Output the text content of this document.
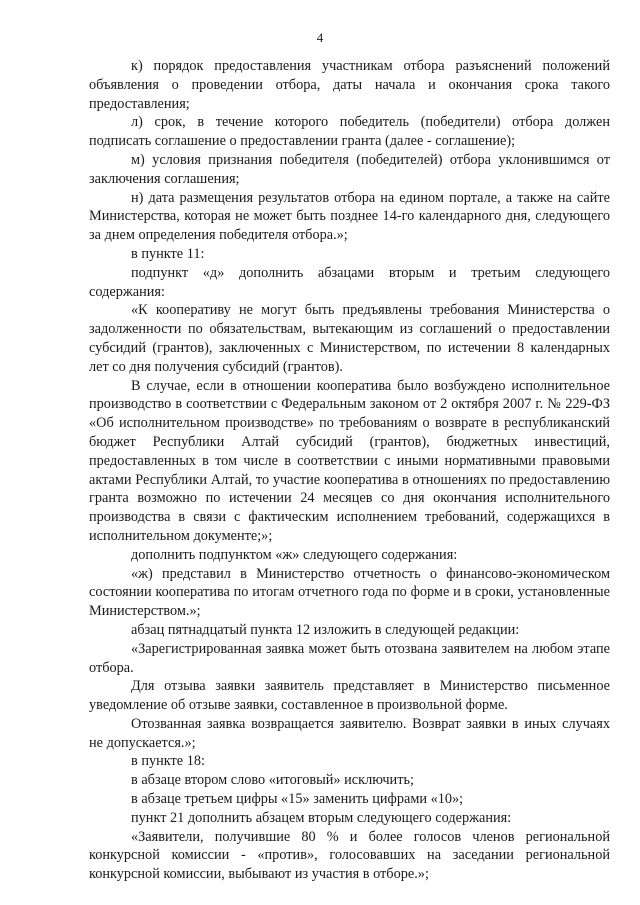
4

к) порядок предоставления участникам отбора разъяснений положений объявления о проведении отбора, даты начала и окончания срока такого предоставления;

л) срок, в течение которого победитель (победители) отбора должен подписать соглашение о предоставлении гранта (далее - соглашение);

м) условия признания победителя (победителей) отбора уклонившимся от заключения соглашения;

н) дата размещения результатов отбора на едином портале, а также на сайте Министерства, которая не может быть позднее 14-го календарного дня, следующего за днем определения победителя отбора.»;

в пункте 11:

подпункт «д» дополнить абзацами вторым и третьим следующего содержания:

«К кооперативу не могут быть предъявлены требования Министерства о задолженности по обязательствам, вытекающим из соглашений о предоставлении субсидий (грантов), заключенных с Министерством, по истечении 8 календарных лет со дня получения субсидий (грантов).

В случае, если в отношении кооператива было возбуждено исполнительное производство в соответствии с Федеральным законом от 2 октября 2007 г. № 229-ФЗ «Об исполнительном производстве» по требованиям о возврате в республиканский бюджет Республики Алтай субсидий (грантов), бюджетных инвестиций, предоставленных в том числе в соответствии с иными нормативными правовыми актами Республики Алтай, то участие кооператива в отношениях по предоставлению гранта возможно по истечении 24 месяцев со дня окончания исполнительного производства в связи с фактическим исполнением требований, содержащихся в исполнительном документе;»;

дополнить подпунктом «ж» следующего содержания:

«ж) представил в Министерство отчетность о финансово-экономическом состоянии кооператива по итогам отчетного года по форме и в сроки, установленные Министерством.»;

абзац пятнадцатый пункта 12 изложить в следующей редакции:

«Зарегистрированная заявка может быть отозвана заявителем на любом этапе отбора.

Для отзыва заявки заявитель представляет в Министерство письменное уведомление об отзыве заявки, составленное в произвольной форме.

Отозванная заявка возвращается заявителю. Возврат заявки в иных случаях не допускается.»;

в пункте 18:

в абзаце втором слово «итоговый» исключить;

в абзаце третьем цифры «15» заменить цифрами «10»;

пункт 21 дополнить абзацем вторым следующего содержания:

«Заявители, получившие 80 % и более голосов членов региональной конкурсной комиссии - «против», голосовавших на заседании региональной конкурсной комиссии, выбывают из участия в отборе.»;
